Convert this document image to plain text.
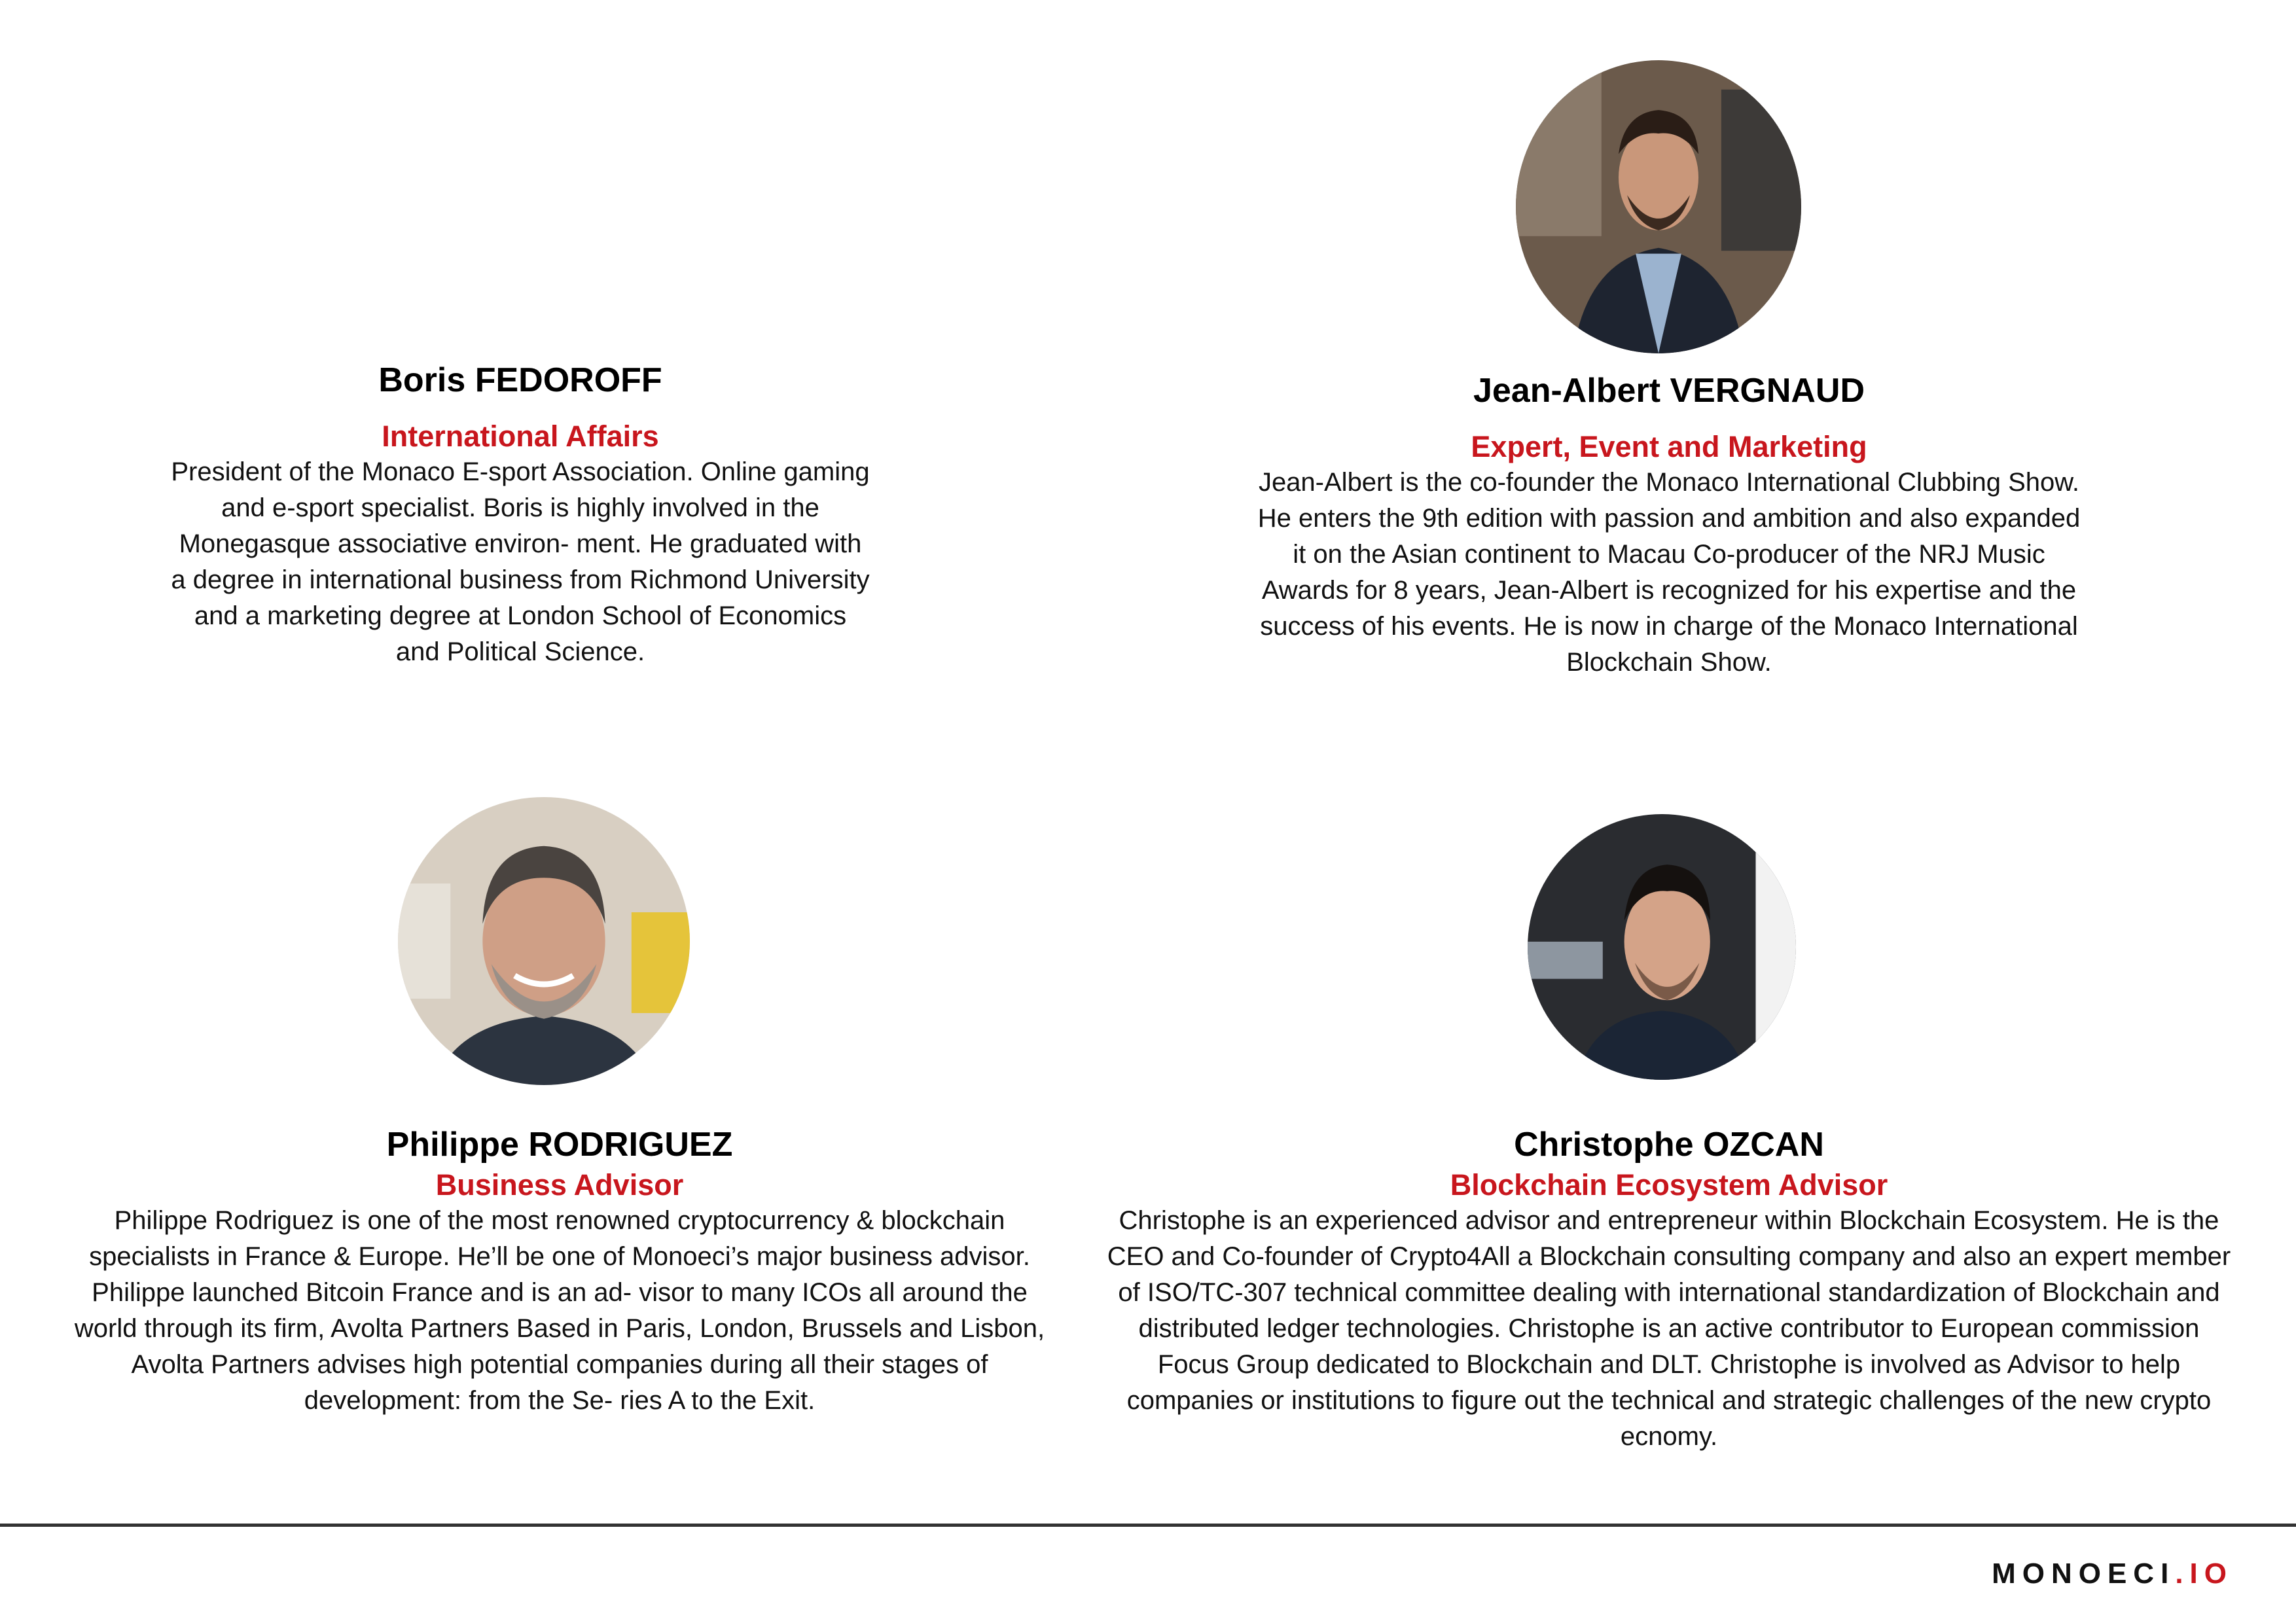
Boris FEDOROFF
International Affairs
President of the Monaco E-sport Association. Online gaming and e-sport specialist. Boris is highly involved in the Monegasque associative environ- ment. He graduated with a degree in international business from Richmond University and a marketing degree at London School of Economics and Political Science.
Jean-Albert VERGNAUD
Expert, Event and Marketing
Jean-Albert is the co-founder the Monaco International Clubbing Show. He enters the 9th edition with passion and ambition and also expanded it on the Asian continent to Macau Co-producer of the NRJ Music Awards for 8 years, Jean-Albert is recognized for his expertise and the success of his events. He is now in charge of the Monaco International Blockchain Show.
Philippe RODRIGUEZ
Business Advisor
Philippe Rodriguez is one of the most renowned cryptocurrency & blockchain specialists in France & Europe. He’ll be one of Monoeci’s major business advisor. Philippe launched Bitcoin France and is an ad- visor to many ICOs all around the world through its firm, Avolta Partners Based in Paris, London, Brussels and Lisbon, Avolta Partners advises high potential companies during all their stages of development: from the Se- ries A to the Exit.
Christophe OZCAN
Blockchain Ecosystem Advisor
Christophe is an experienced advisor and entrepreneur within Blockchain Ecosystem. He is the CEO and Co-founder of Crypto4All a Blockchain consulting company and also an expert member of ISO/TC-307 technical committee dealing with international standardization of Blockchain and distributed ledger technologies. Christophe is an active contributor to European commission Focus Group dedicated to Blockchain and DLT. Christophe is involved as Advisor to help companies or institutions to figure out the technical and strategic challenges of the new crypto ecnomy.
MONOECI.IO
